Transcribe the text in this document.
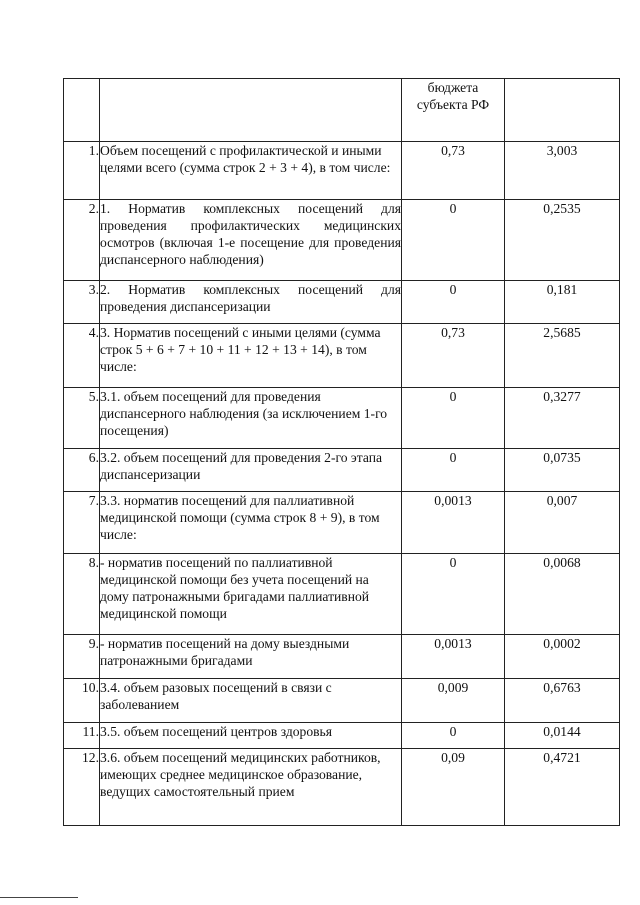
		бюджета субъекта РФ	
1.	Объем посещений с профилактической и иными целями всего (сумма строк 2 + 3 + 4), в том числе:	0,73	3,003
2.	1. Норматив комплексных посещений для проведения профилактических медицинских осмотров (включая 1-е посещение для проведения диспансерного наблюдения)	0	0,2535
3.	2. Норматив комплексных посещений для проведения диспансеризации	0	0,181
4.	3. Норматив посещений с иными целями (сумма строк 5 + 6 + 7 + 10 + 11 + 12 + 13 + 14), в том числе:	0,73	2,5685
5.	3.1. объем посещений для проведения диспансерного наблюдения (за исключением 1-го посещения)	0	0,3277
6.	3.2. объем посещений для проведения 2-го этапа диспансеризации	0	0,0735
7.	3.3. норматив посещений для паллиативной медицинской помощи (сумма строк 8 + 9), в том числе:	0,0013	0,007
8.	- норматив посещений по паллиативной медицинской помощи без учета посещений на дому патронажными бригадами паллиативной медицинской помощи	0	0,0068
9.	- норматив посещений на дому выездными патронажными бригадами	0,0013	0,0002
10.	3.4. объем разовых посещений в связи с заболеванием	0,009	0,6763
11.	3.5. объем посещений центров здоровья	0	0,0144
12.	3.6. объем посещений медицинских работников, имеющих среднее медицинское образование, ведущих самостоятельный прием	0,09	0,4721
